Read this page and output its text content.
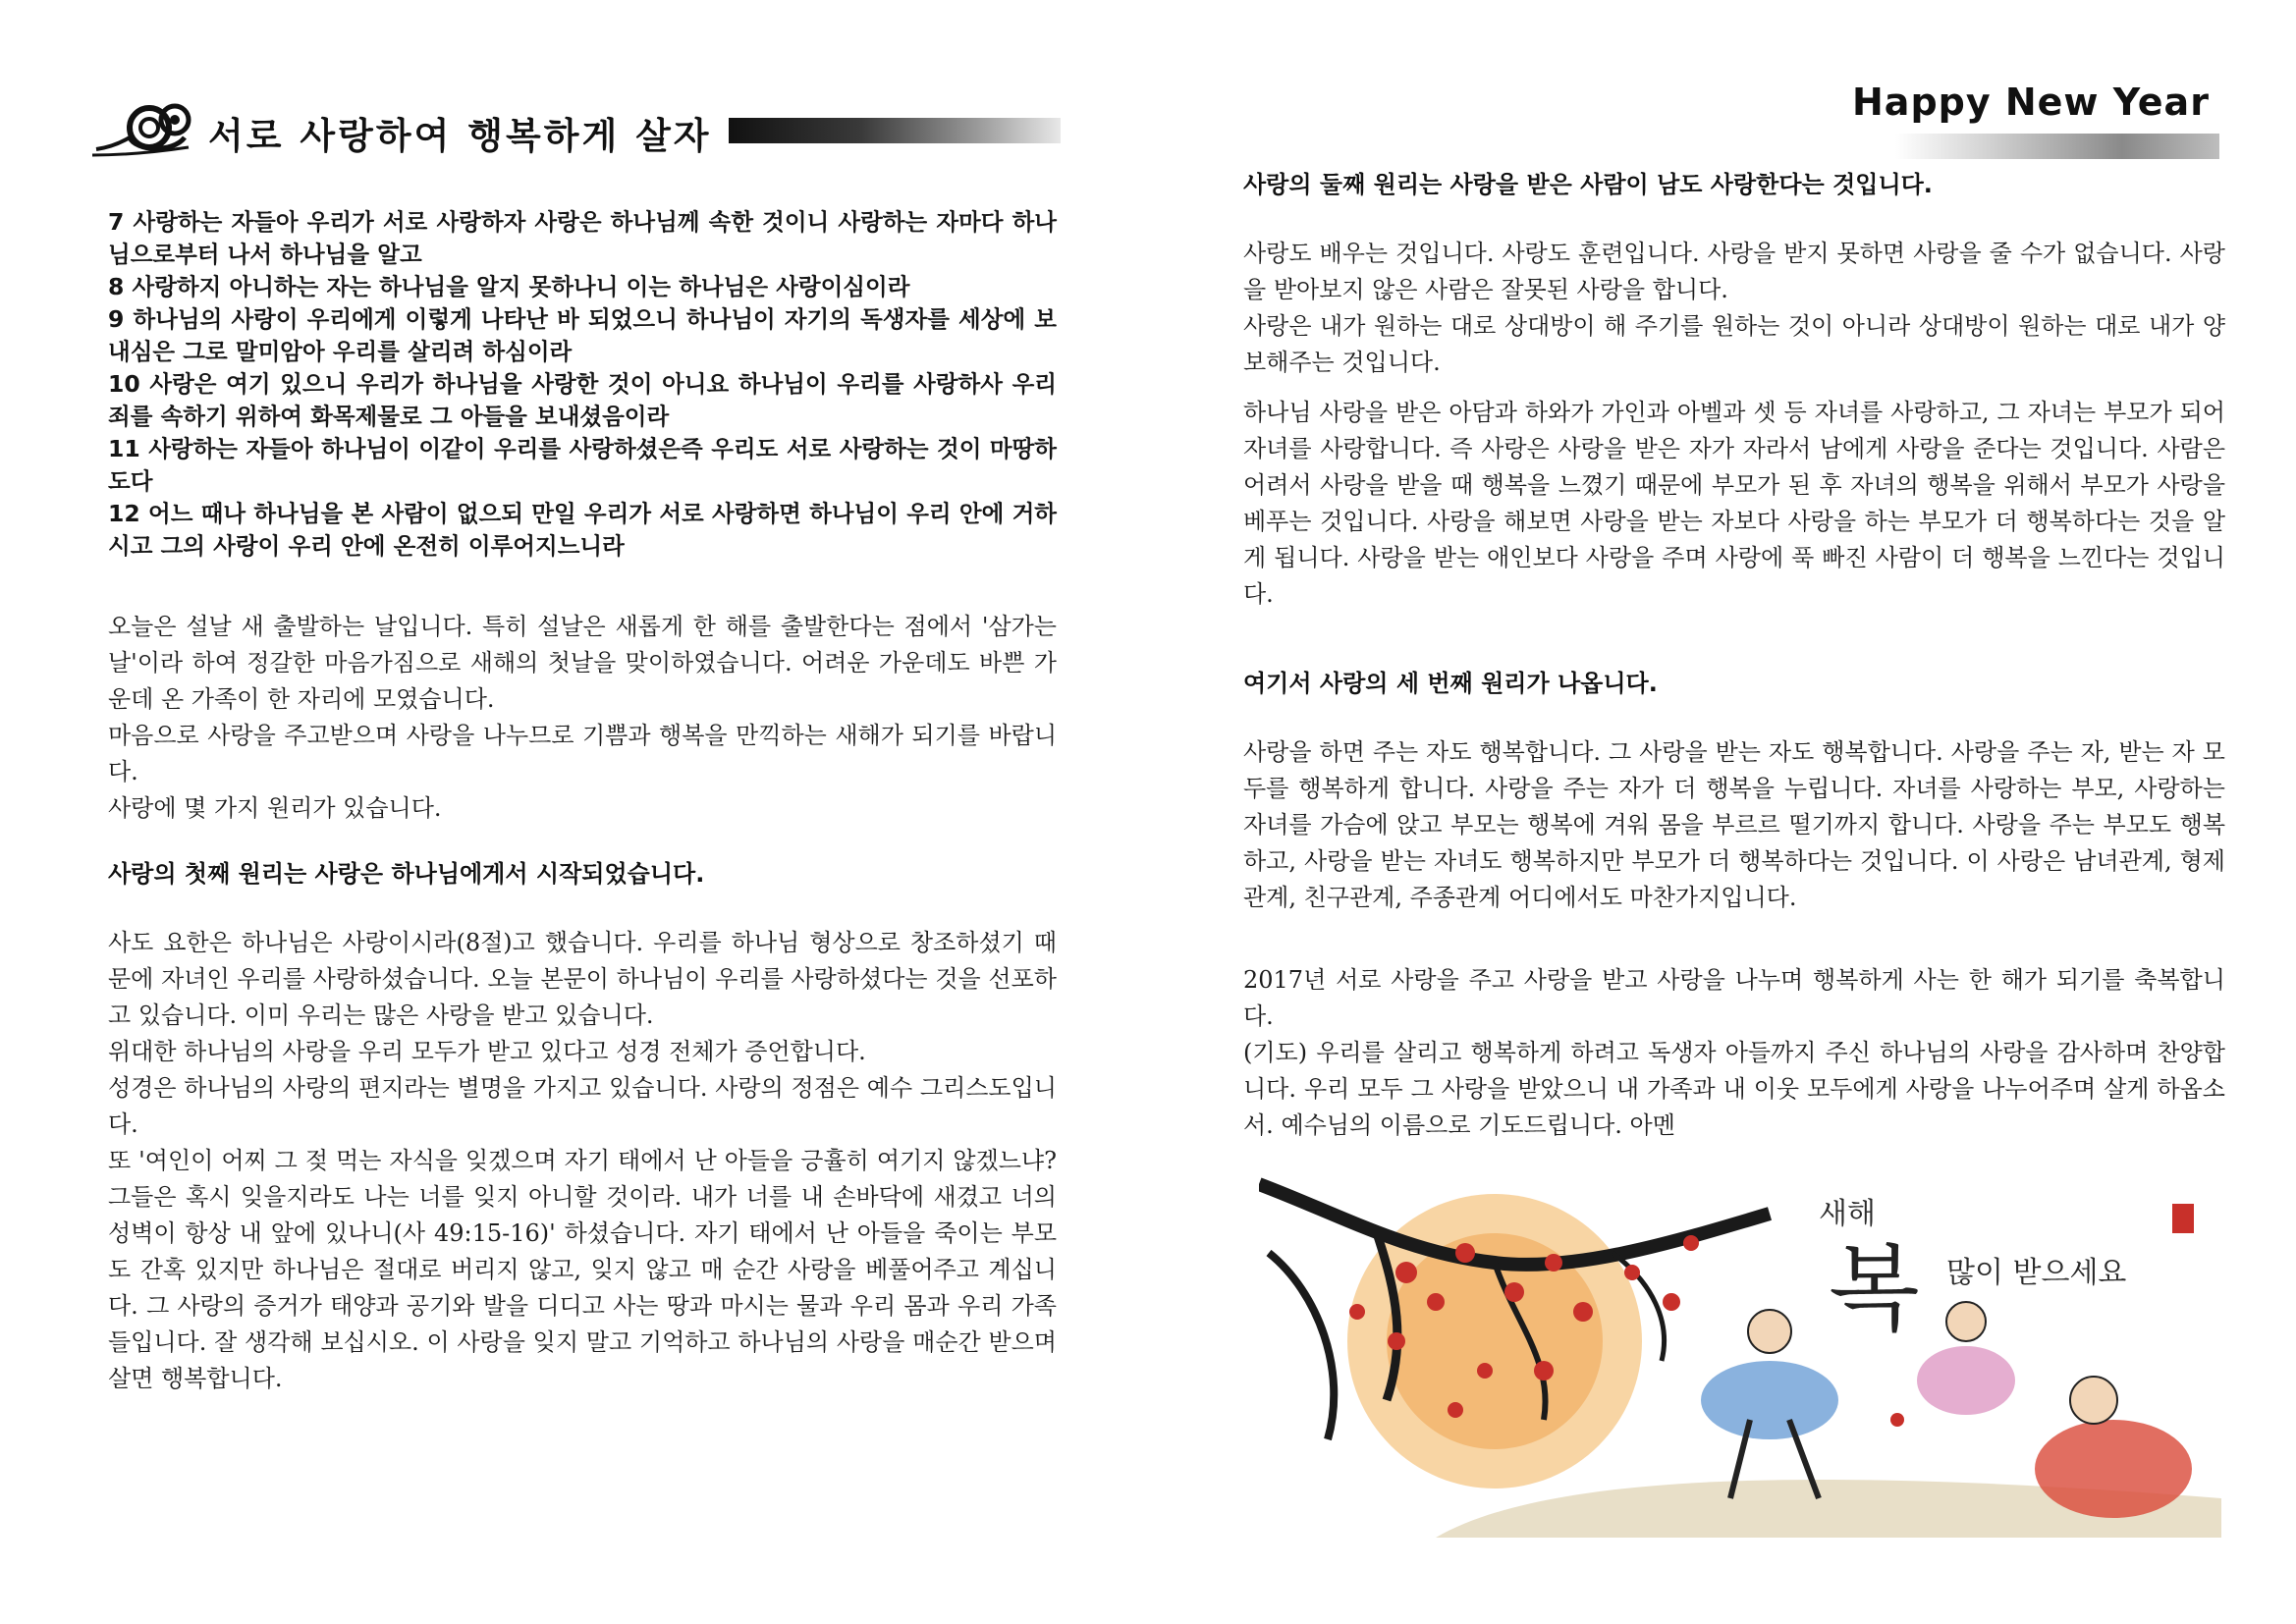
서로 사랑하여 행복하게 살자
Happy New Year

7 사랑하는 자들아 우리가 서로 사랑하자 사랑은 하나님께 속한 것이니 사랑하는 자마다 하나님으로부터 나서 하나님을 알고

8 사랑하지 아니하는 자는 하나님을 알지 못하나니 이는 하나님은 사랑이심이라

9 하나님의 사랑이 우리에게 이렇게 나타난 바 되었으니 하나님이 자기의 독생자를 세상에 보내심은 그로 말미암아 우리를 살리려 하심이라

10 사랑은 여기 있으니 우리가 하나님을 사랑한 것이 아니요 하나님이 우리를 사랑하사 우리 죄를 속하기 위하여 화목제물로 그 아들을 보내셨음이라

11 사랑하는 자들아 하나님이 이같이 우리를 사랑하셨은즉 우리도 서로 사랑하는 것이 마땅하도다

12 어느 때나 하나님을 본 사람이 없으되 만일 우리가 서로 사랑하면 하나님이 우리 안에 거하시고 그의 사랑이 우리 안에 온전히 이루어지느니라

오늘은 설날 새 출발하는 날입니다. 특히 설날은 새롭게 한 해를 출발한다는 점에서 '삼가는 날'이라 하여 정갈한 마음가짐으로 새해의 첫날을 맞이하였습니다. 어려운 가운데도 바쁜 가운데 온 가족이 한 자리에 모였습니다.

마음으로 사랑을 주고받으며 사랑을 나누므로 기쁨과 행복을 만끽하는 새해가 되기를 바랍니다.

사랑에 몇 가지 원리가 있습니다.

사랑의 첫째 원리는 사랑은 하나님에게서 시작되었습니다.

사도 요한은 하나님은 사랑이시라(8절)고 했습니다. 우리를 하나님 형상으로 창조하셨기 때문에 자녀인 우리를 사랑하셨습니다. 오늘 본문이 하나님이 우리를 사랑하셨다는 것을 선포하고 있습니다. 이미 우리는 많은 사랑을 받고 있습니다.

위대한 하나님의 사랑을 우리 모두가 받고 있다고 성경 전체가 증언합니다.

성경은 하나님의 사랑의 편지라는 별명을 가지고 있습니다. 사랑의 정점은 예수 그리스도입니다.

또 '여인이 어찌 그 젖 먹는 자식을 잊겠으며 자기 태에서 난 아들을 긍휼히 여기지 않겠느냐? 그들은 혹시 잊을지라도 나는 너를 잊지 아니할 것이라. 내가 너를 내 손바닥에 새겼고 너의 성벽이 항상 내 앞에 있나니(사 49:15-16)' 하셨습니다. 자기 태에서 난 아들을 죽이는 부모도 간혹 있지만 하나님은 절대로 버리지 않고, 잊지 않고 매 순간 사랑을 베풀어주고 계십니다. 그 사랑의 증거가 태양과 공기와 발을 디디고 사는 땅과 마시는 물과 우리 몸과 우리 가족들입니다. 잘 생각해 보십시오. 이 사랑을 잊지 말고 기억하고 하나님의 사랑을 매순간 받으며 살면 행복합니다.

사랑의 둘째 원리는 사랑을 받은 사람이 남도 사랑한다는 것입니다.

사랑도 배우는 것입니다. 사랑도 훈련입니다. 사랑을 받지 못하면 사랑을 줄 수가 없습니다. 사랑을 받아보지 않은 사람은 잘못된 사랑을 합니다.

사랑은 내가 원하는 대로 상대방이 해 주기를 원하는 것이 아니라 상대방이 원하는 대로 내가 양보해주는 것입니다.

하나님 사랑을 받은 아담과 하와가 가인과 아벨과 셋 등 자녀를 사랑하고, 그 자녀는 부모가 되어 자녀를 사랑합니다. 즉 사랑은 사랑을 받은 자가 자라서 남에게 사랑을 준다는 것입니다. 사람은 어려서 사랑을 받을 때 행복을 느꼈기 때문에 부모가 된 후 자녀의 행복을 위해서 부모가 사랑을 베푸는 것입니다. 사랑을 해보면 사랑을 받는 자보다 사랑을 하는 부모가 더 행복하다는 것을 알게 됩니다. 사랑을 받는 애인보다 사랑을 주며 사랑에 푹 빠진 사람이 더 행복을 느낀다는 것입니다.
여기서 사랑의 세 번째 원리가 나옵니다.

사랑을 하면 주는 자도 행복합니다. 그 사랑을 받는 자도 행복합니다. 사랑을 주는 자, 받는 자 모두를 행복하게 합니다. 사랑을 주는 자가 더 행복을 누립니다. 자녀를 사랑하는 부모, 사랑하는 자녀를 가슴에 앉고 부모는 행복에 겨워 몸을 부르르 떨기까지 합니다. 사랑을 주는 부모도 행복하고, 사랑을 받는 자녀도 행복하지만 부모가 더 행복하다는 것입니다. 이 사랑은 남녀관계, 형제관계, 친구관계, 주종관계 어디에서도 마찬가지입니다.

2017년 서로 사랑을 주고 사랑을 받고 사랑을 나누며 행복하게 사는 한 해가 되기를 축복합니다.

(기도) 우리를 살리고 행복하게 하려고 독생자 아들까지 주신 하나님의 사랑을 감사하며 찬양합니다. 우리 모두 그 사랑을 받았으니 내 가족과 내 이웃 모두에게 사랑을 나누어주며 살게 하옵소서. 예수님의 이름으로 기도드립니다. 아멘

새해
복 많이 받으세요
